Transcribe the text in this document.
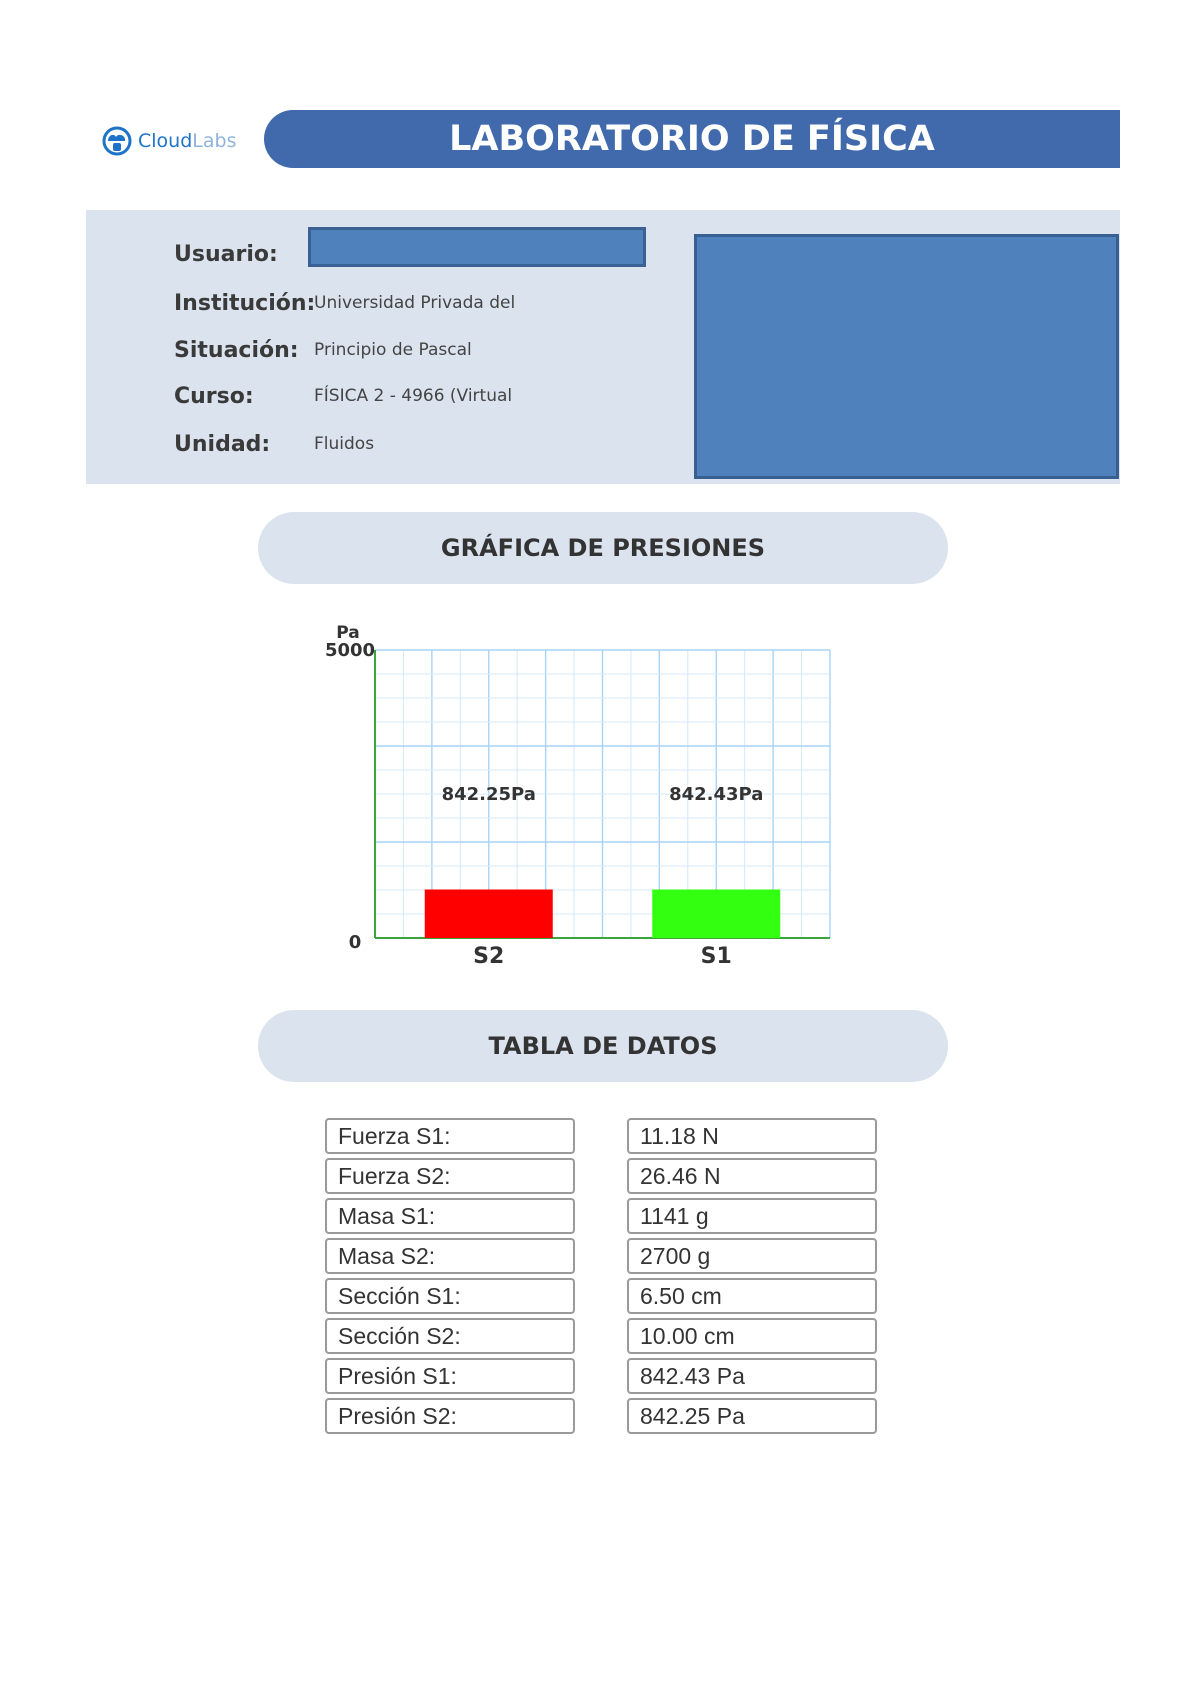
CloudLabs	LABORATORIO DE FÍSICA
Usuario:
Institución:
Universidad Privada del
Situación: Principio de Pascal
Curso:	FÍSICA 2 - 4966 (Virtual
Unidad:	Fluidos
GRÁFICA DE PRESIONES
Pa
5000
0
842.25Pa
S2
842.43Pa
S1
TABLA DE DATOS
Fuerza S1:	11.18 N
Fuerza S2:	26.46 N
Masa S1:	1141 g
Masa S2:	2700 g
Sección S1:	6.50 cm
Sección S2:	10.00 cm
Presión S1:	842.43 Pa
Presión S2:	842.25 Pa
